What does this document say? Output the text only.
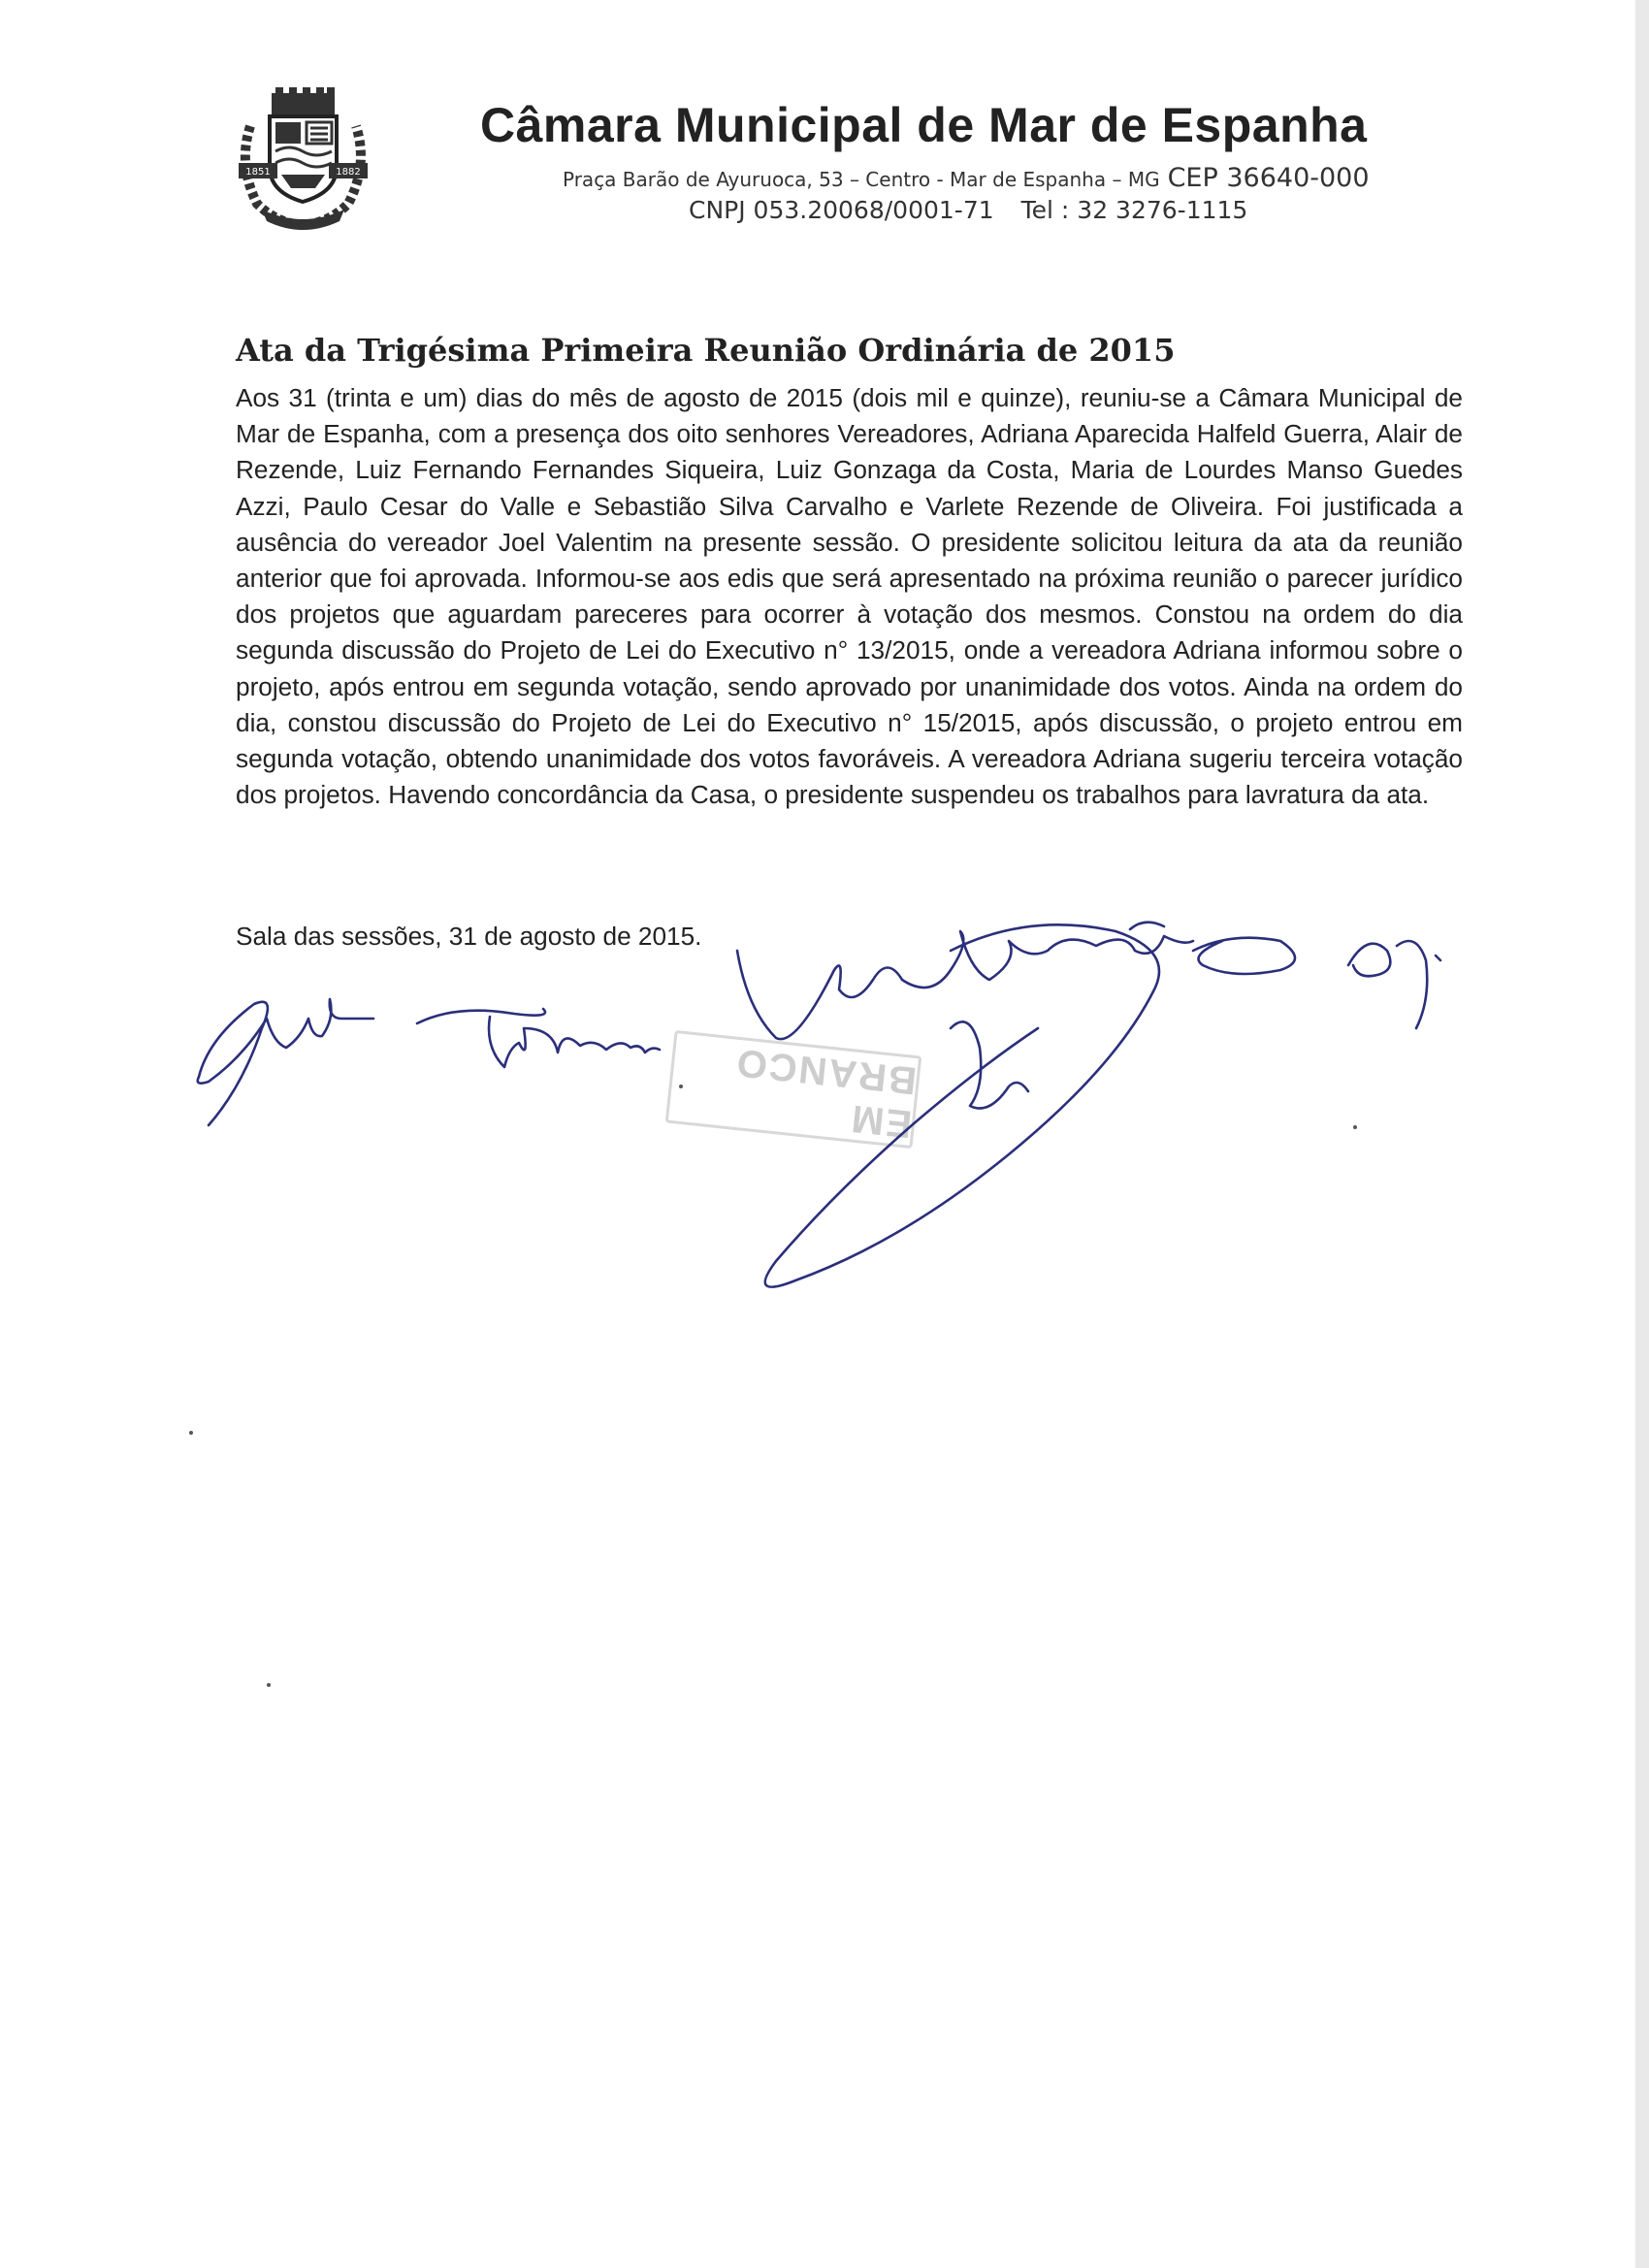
1851	1882
Câmara Municipal de Mar de Espanha
Praça Barão de Ayuruoca, 53 – Centro - Mar de Espanha – MG CEP 36640-000
CNPJ 053.20068/0001-71 Tel : 32 3276-1115
Ata da Trigésima Primeira Reunião Ordinária de 2015
Aos 31 (trinta e um) dias do mês de agosto de 2015 (dois mil e quinze), reuniu-se a Câmara Municipal de Mar de Espanha, com a presença dos oito senhores Vereadores, Adriana Aparecida Halfeld Guerra, Alair de Rezende, Luiz Fernando Fernandes Siqueira, Luiz Gonzaga da Costa, Maria de Lourdes Manso Guedes Azzi, Paulo Cesar do Valle e Sebastião Silva Carvalho e Varlete Rezende de Oliveira. Foi justificada a ausência do vereador Joel Valentim na presente sessão. O presidente solicitou leitura da ata da reunião anterior que foi aprovada. Informou-se aos edis que será apresentado na próxima reunião o parecer jurídico dos projetos que aguardam pareceres para ocorrer à votação dos mesmos. Constou na ordem do dia segunda discussão do Projeto de Lei do Executivo n° 13/2015, onde a vereadora Adriana informou sobre o projeto, após entrou em segunda votação, sendo aprovado por unanimidade dos votos. Ainda na ordem do dia, constou discussão do Projeto de Lei do Executivo n° 15/2015, após discussão, o projeto entrou em segunda votação, obtendo unanimidade dos votos favoráveis. A vereadora Adriana sugeriu terceira votação dos projetos. Havendo concordância da Casa, o presidente suspendeu os trabalhos para lavratura da ata.
Sala das sessões, 31 de agosto de 2015.
EM BRANCO
